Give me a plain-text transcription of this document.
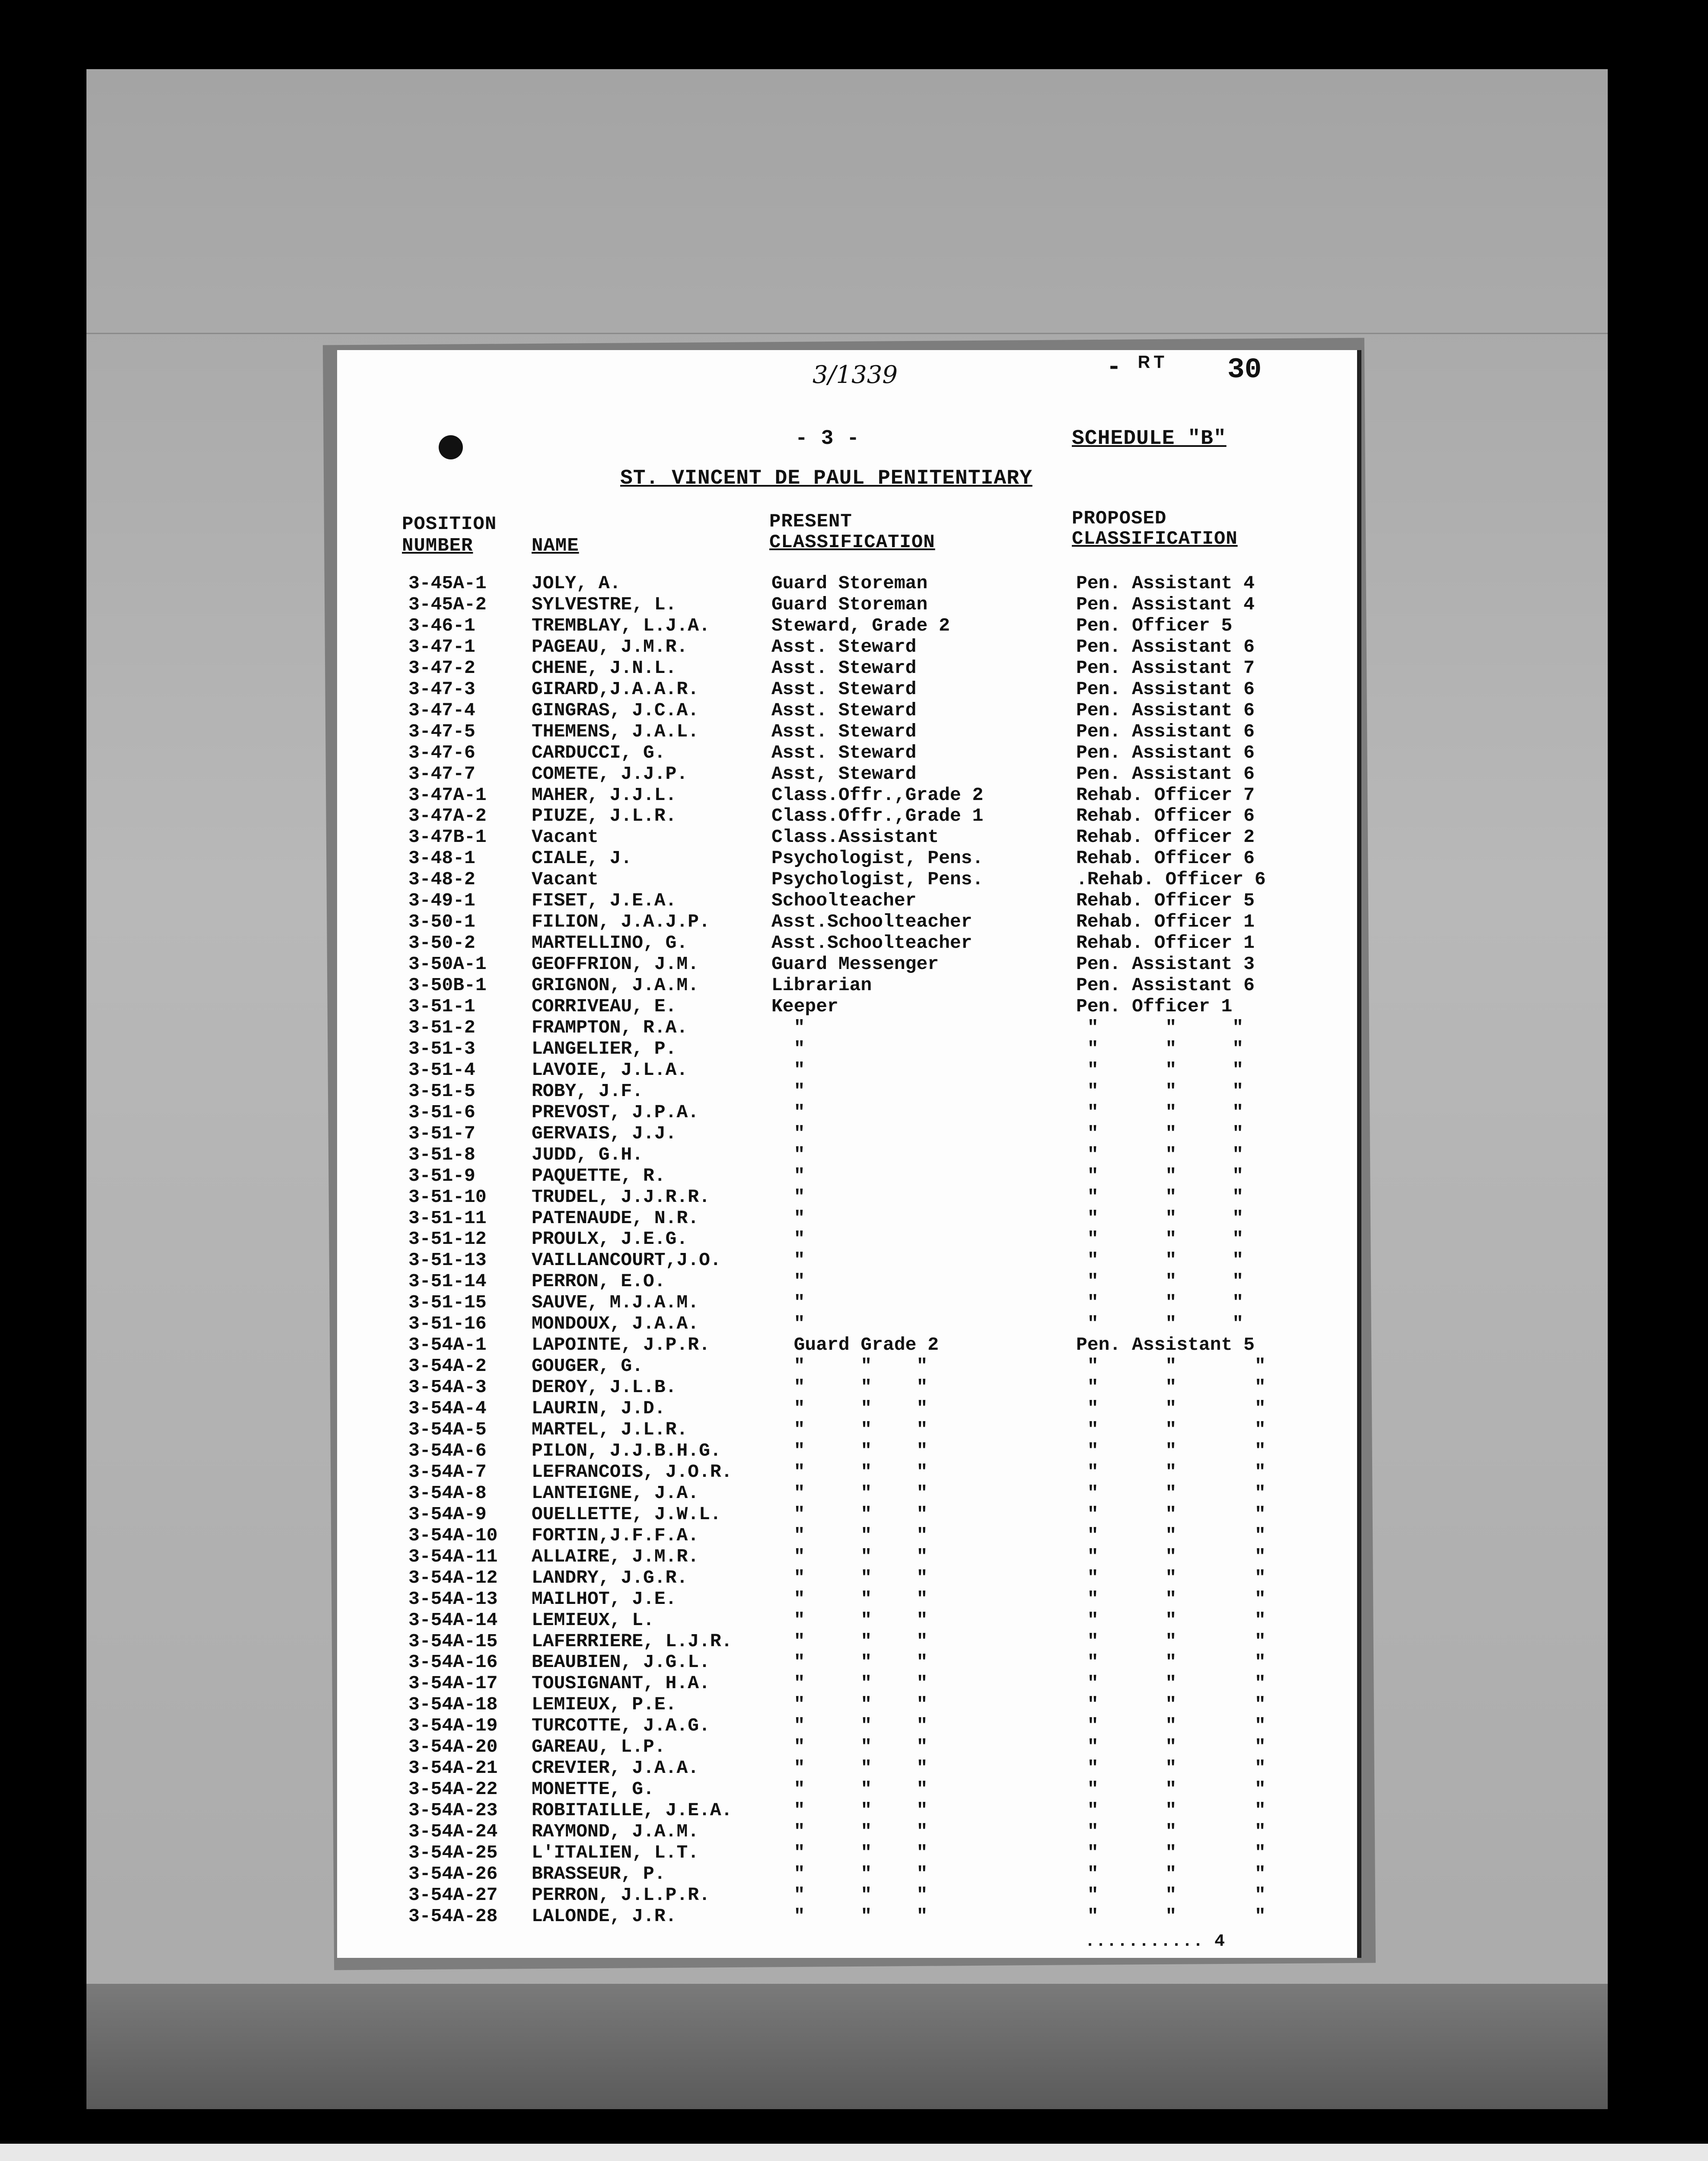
3/1339	- ᴿᵀ 30
- 3 -	SCHEDULE "B"
ST. VINCENT DE PAUL PENITENTIARY
POSITION
NUMBER	NAME
PRESENT
CLASSIFICATION
PROPOSED
CLASSIFICATION
3-45A-1 JOLY, A.	Guard Storeman	Pen. Assistant 4
3-45A-2 SYLVESTRE, L.	Guard Storeman	Pen. Assistant 4
3-46-1	TREMBLAY, L.J.A.	Steward, Grade 2	Pen. Officer 5
3-47-1	PAGEAU, J.M.R.	Asst. Steward	Pen. Assistant 6
3-47-2	CHENE, J.N.L.	Asst. Steward	Pen. Assistant 7
3-47-3	GIRARD,J.A.A.R.	Asst. Steward	Pen. Assistant 6
3-47-4	GINGRAS, J.C.A.	Asst. Steward	Pen. Assistant 6
3-47-5	THEMENS, J.A.L.	Asst. Steward	Pen. Assistant 6
3-47-6	CARDUCCI, G.	Asst. Steward	Pen. Assistant 6
3-47-7	COMETE, J.J.P.	Asst, Steward	Pen. Assistant 6
3-47A-1 MAHER, J.J.L.	Class.Offr.,Grade 2	Rehab. Officer 7
3-47A-2 PIUZE, J.L.R.	Class.Offr.,Grade 1	Rehab. Officer 6
3-47B-1 Vacant	Class.Assistant	Rehab. Officer 2
3-48-1	CIALE, J.	Psychologist, Pens.	Rehab. Officer 6
3-48-2	Vacant	Psychologist, Pens.	.Rehab. Officer 6
3-49-1	FISET, J.E.A.	Schoolteacher	Rehab. Officer 5
3-50-1	FILION, J.A.J.P.	Asst.Schoolteacher	Rehab. Officer 1
3-50-2	MARTELLINO, G.	Asst.Schoolteacher	Rehab. Officer 1
3-50A-1 GEOFFRION, J.M.	Guard Messenger	Pen. Assistant 3
3-50B-1 GRIGNON, J.A.M.	Librarian	Pen. Assistant 6
3-51-1	CORRIVEAU, E.	Keeper	Pen. Officer 1
3-51-2	FRAMPTON, R.A.	"	"      "     "
3-51-3	LANGELIER, P.	"	"      "     "
3-51-4	LAVOIE, J.L.A.	"	"      "     "
3-51-5	ROBY, J.F.	"	"      "     "
3-51-6	PREVOST, J.P.A.	"	"      "     "
3-51-7	GERVAIS, J.J.	"	"      "     "
3-51-8	JUDD, G.H.	"	"      "     "
3-51-9	PAQUETTE, R.	"	"      "     "
3-51-10 TRUDEL, J.J.R.R.	"	"      "     "
3-51-11 PATENAUDE, N.R.	"	"      "     "
3-51-12 PROULX, J.E.G.	"	"      "     "
3-51-13 VAILLANCOURT,J.O.	"	"      "     "
3-51-14 PERRON, E.O.	"	"      "     "
3-51-15 SAUVE, M.J.A.M.	"	"      "     "
3-51-16 MONDOUX, J.A.A.	"	"      "     "
3-54A-1 LAPOINTE, J.P.R.	Guard Grade 2	Pen. Assistant 5
3-54A-2 GOUGER, G.	"     "    "	"      "       "
3-54A-3 DEROY, J.L.B.	"     "    "	"      "       "
3-54A-4 LAURIN, J.D.	"     "    "	"      "       "
3-54A-5 MARTEL, J.L.R.	"     "    "	"      "       "
3-54A-6 PILON, J.J.B.H.G.	"     "    "	"      "       "
3-54A-7 LEFRANCOIS, J.O.R. "     "    "	"      "       "
3-54A-8 LANTEIGNE, J.A.	"     "    "	"      "       "
3-54A-9 OUELLETTE, J.W.L.	"     "    "	"      "       "
3-54A-10 FORTIN,J.F.F.A.	"     "    "	"      "       "
3-54A-11 ALLAIRE, J.M.R.	"     "    "	"      "       "
3-54A-12 LANDRY, J.G.R.	"     "    "	"      "       "
3-54A-13 MAILHOT, J.E.	"     "    "	"      "       "
3-54A-14 LEMIEUX, L.	"     "    "	"      "       "
3-54A-15 LAFERRIERE, L.J.R. "     "    "	"      "       "
3-54A-16 BEAUBIEN, J.G.L.	"     "    "	"      "       "
3-54A-17 TOUSIGNANT, H.A.	"     "    "	"      "       "
3-54A-18 LEMIEUX, P.E.	"     "    "	"      "       "
3-54A-19 TURCOTTE, J.A.G.	"     "    "	"      "       "
3-54A-20 GAREAU, L.P.	"     "    "	"      "       "
3-54A-21 CREVIER, J.A.A.	"     "    "	"      "       "
3-54A-22 MONETTE, G.	"     "    "	"      "       "
3-54A-23 ROBITAILLE, J.E.A. "     "    "	"      "       "
3-54A-24 RAYMOND, J.A.M.	"     "    "	"      "       "
3-54A-25 L'ITALIEN, L.T.	"     "    "	"      "       "
3-54A-26 BRASSEUR, P.	"     "    "	"      "       "
3-54A-27 PERRON, J.L.P.R.	"     "    "	"      "       "
3-54A-28 LALONDE, J.R.	"     "    "	"      "       "
........... 4
